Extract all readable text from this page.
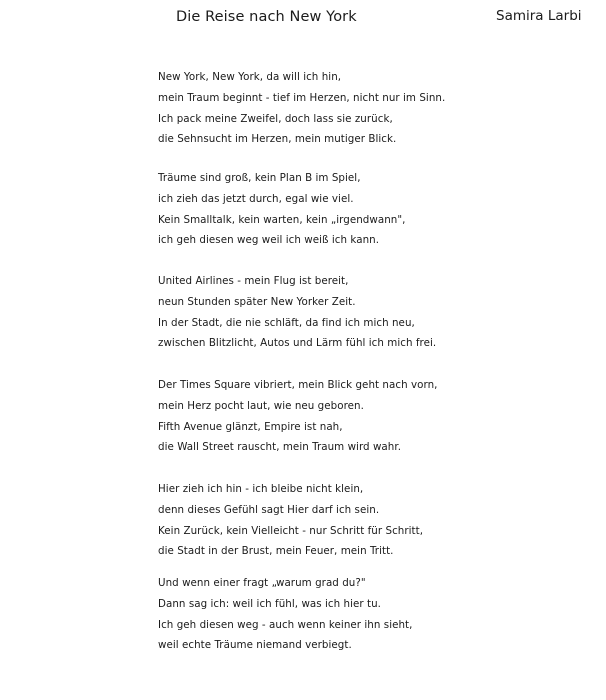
Die Reise nach New York	Samira Larbi
New York, New York, da will ich hin,
mein Traum beginnt - tief im Herzen, nicht nur im Sinn.
Ich pack meine Zweifel, doch lass sie zurück,
die Sehnsucht im Herzen, mein mutiger Blick.
Träume sind groß, kein Plan B im Spiel,
ich zieh das jetzt durch, egal wie viel.
Kein Smalltalk, kein warten, kein „irgendwann",
ich geh diesen weg weil ich weiß ich kann.
United Airlines - mein Flug ist bereit,
neun Stunden später New Yorker Zeit.
In der Stadt, die nie schläft, da find ich mich neu,
zwischen Blitzlicht, Autos und Lärm fühl ich mich frei.
Der Times Square vibriert, mein Blick geht nach vorn,
mein Herz pocht laut, wie neu geboren.
Fifth Avenue glänzt, Empire ist nah,
die Wall Street rauscht, mein Traum wird wahr.
Hier zieh ich hin - ich bleibe nicht klein,
denn dieses Gefühl sagt Hier darf ich sein.
Kein Zurück, kein Vielleicht - nur Schritt für Schritt,
die Stadt in der Brust, mein Feuer, mein Tritt.
Und wenn einer fragt „warum grad du?"
Dann sag ich: weil ich fühl, was ich hier tu.
Ich geh diesen weg - auch wenn keiner ihn sieht,
weil echte Träume niemand verbiegt.
